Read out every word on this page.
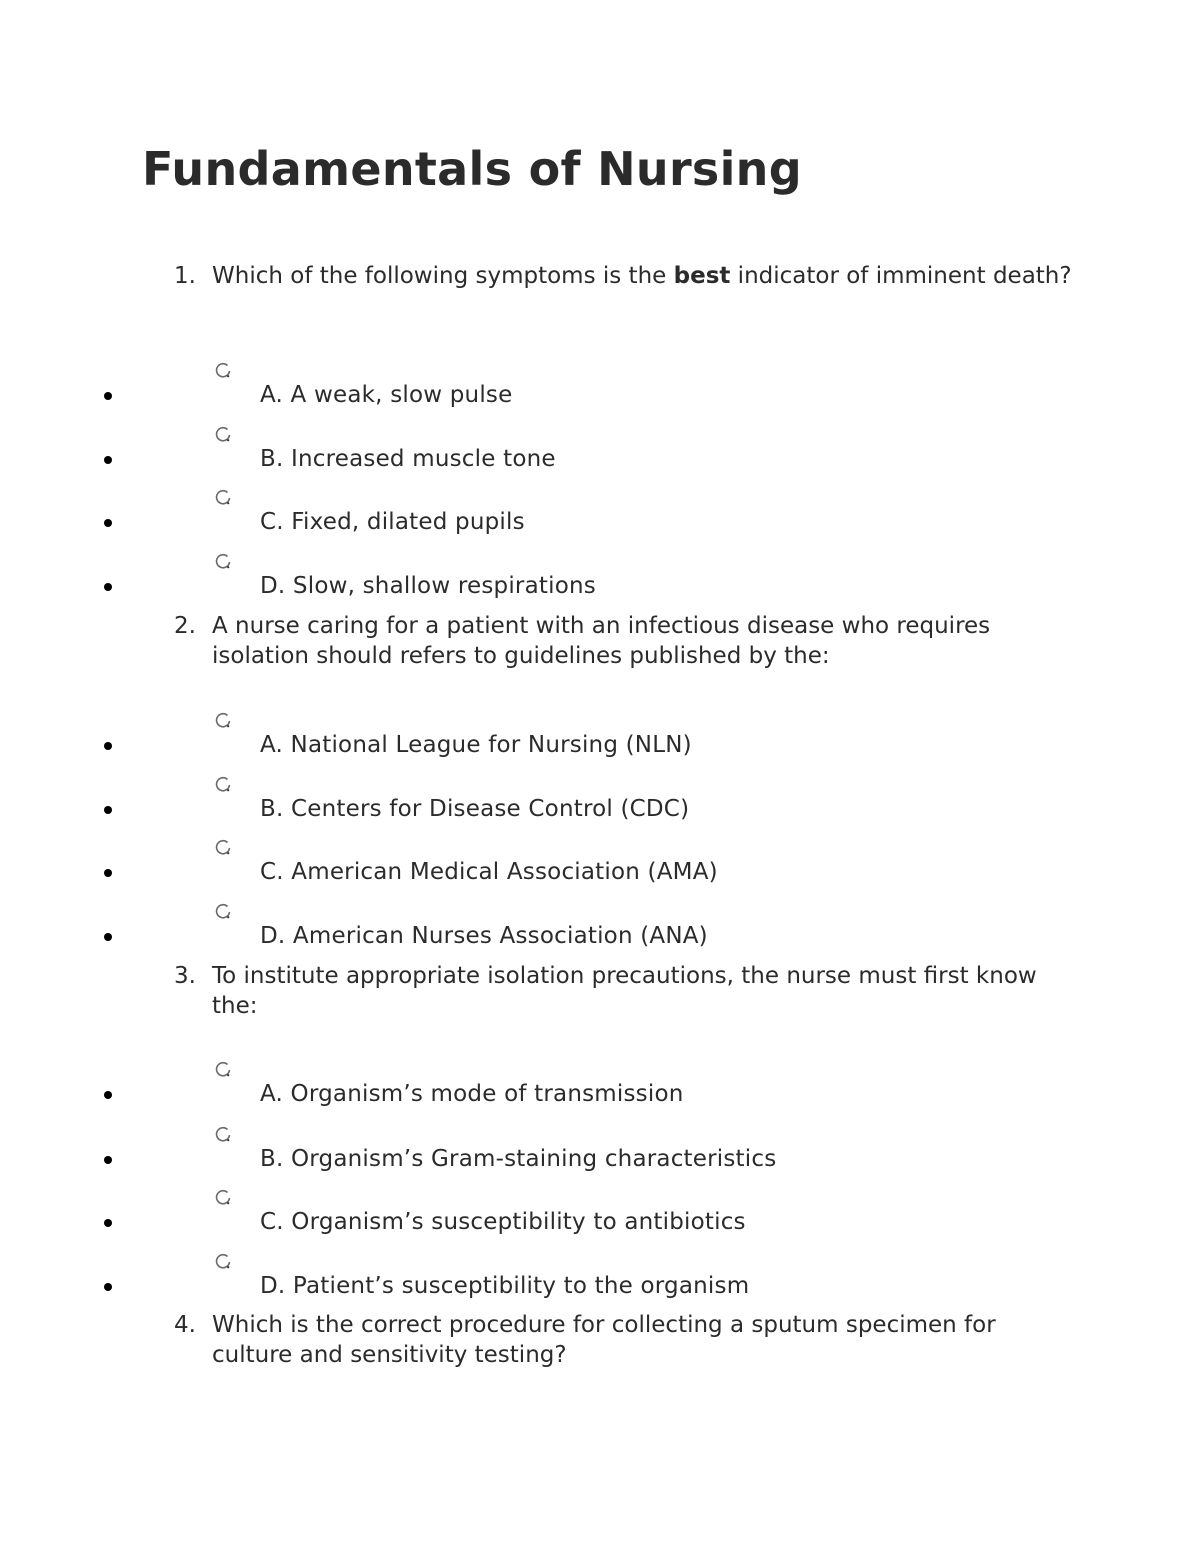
Fundamentals of Nursing
1. Which of the following symptoms is the best indicator of imminent death?
A. A weak, slow pulse
B. Increased muscle tone
C. Fixed, dilated pupils
D. Slow, shallow respirations
2. A nurse caring for a patient with an infectious disease who requires isolation should refers to guidelines published by the:
A. National League for Nursing (NLN)
B. Centers for Disease Control (CDC)
C. American Medical Association (AMA)
D. American Nurses Association (ANA)
3. To institute appropriate isolation precautions, the nurse must first know the:
A. Organism’s mode of transmission
B. Organism’s Gram-staining characteristics
C. Organism’s susceptibility to antibiotics
D. Patient’s susceptibility to the organism
4. Which is the correct procedure for collecting a sputum specimen for culture and sensitivity testing?
